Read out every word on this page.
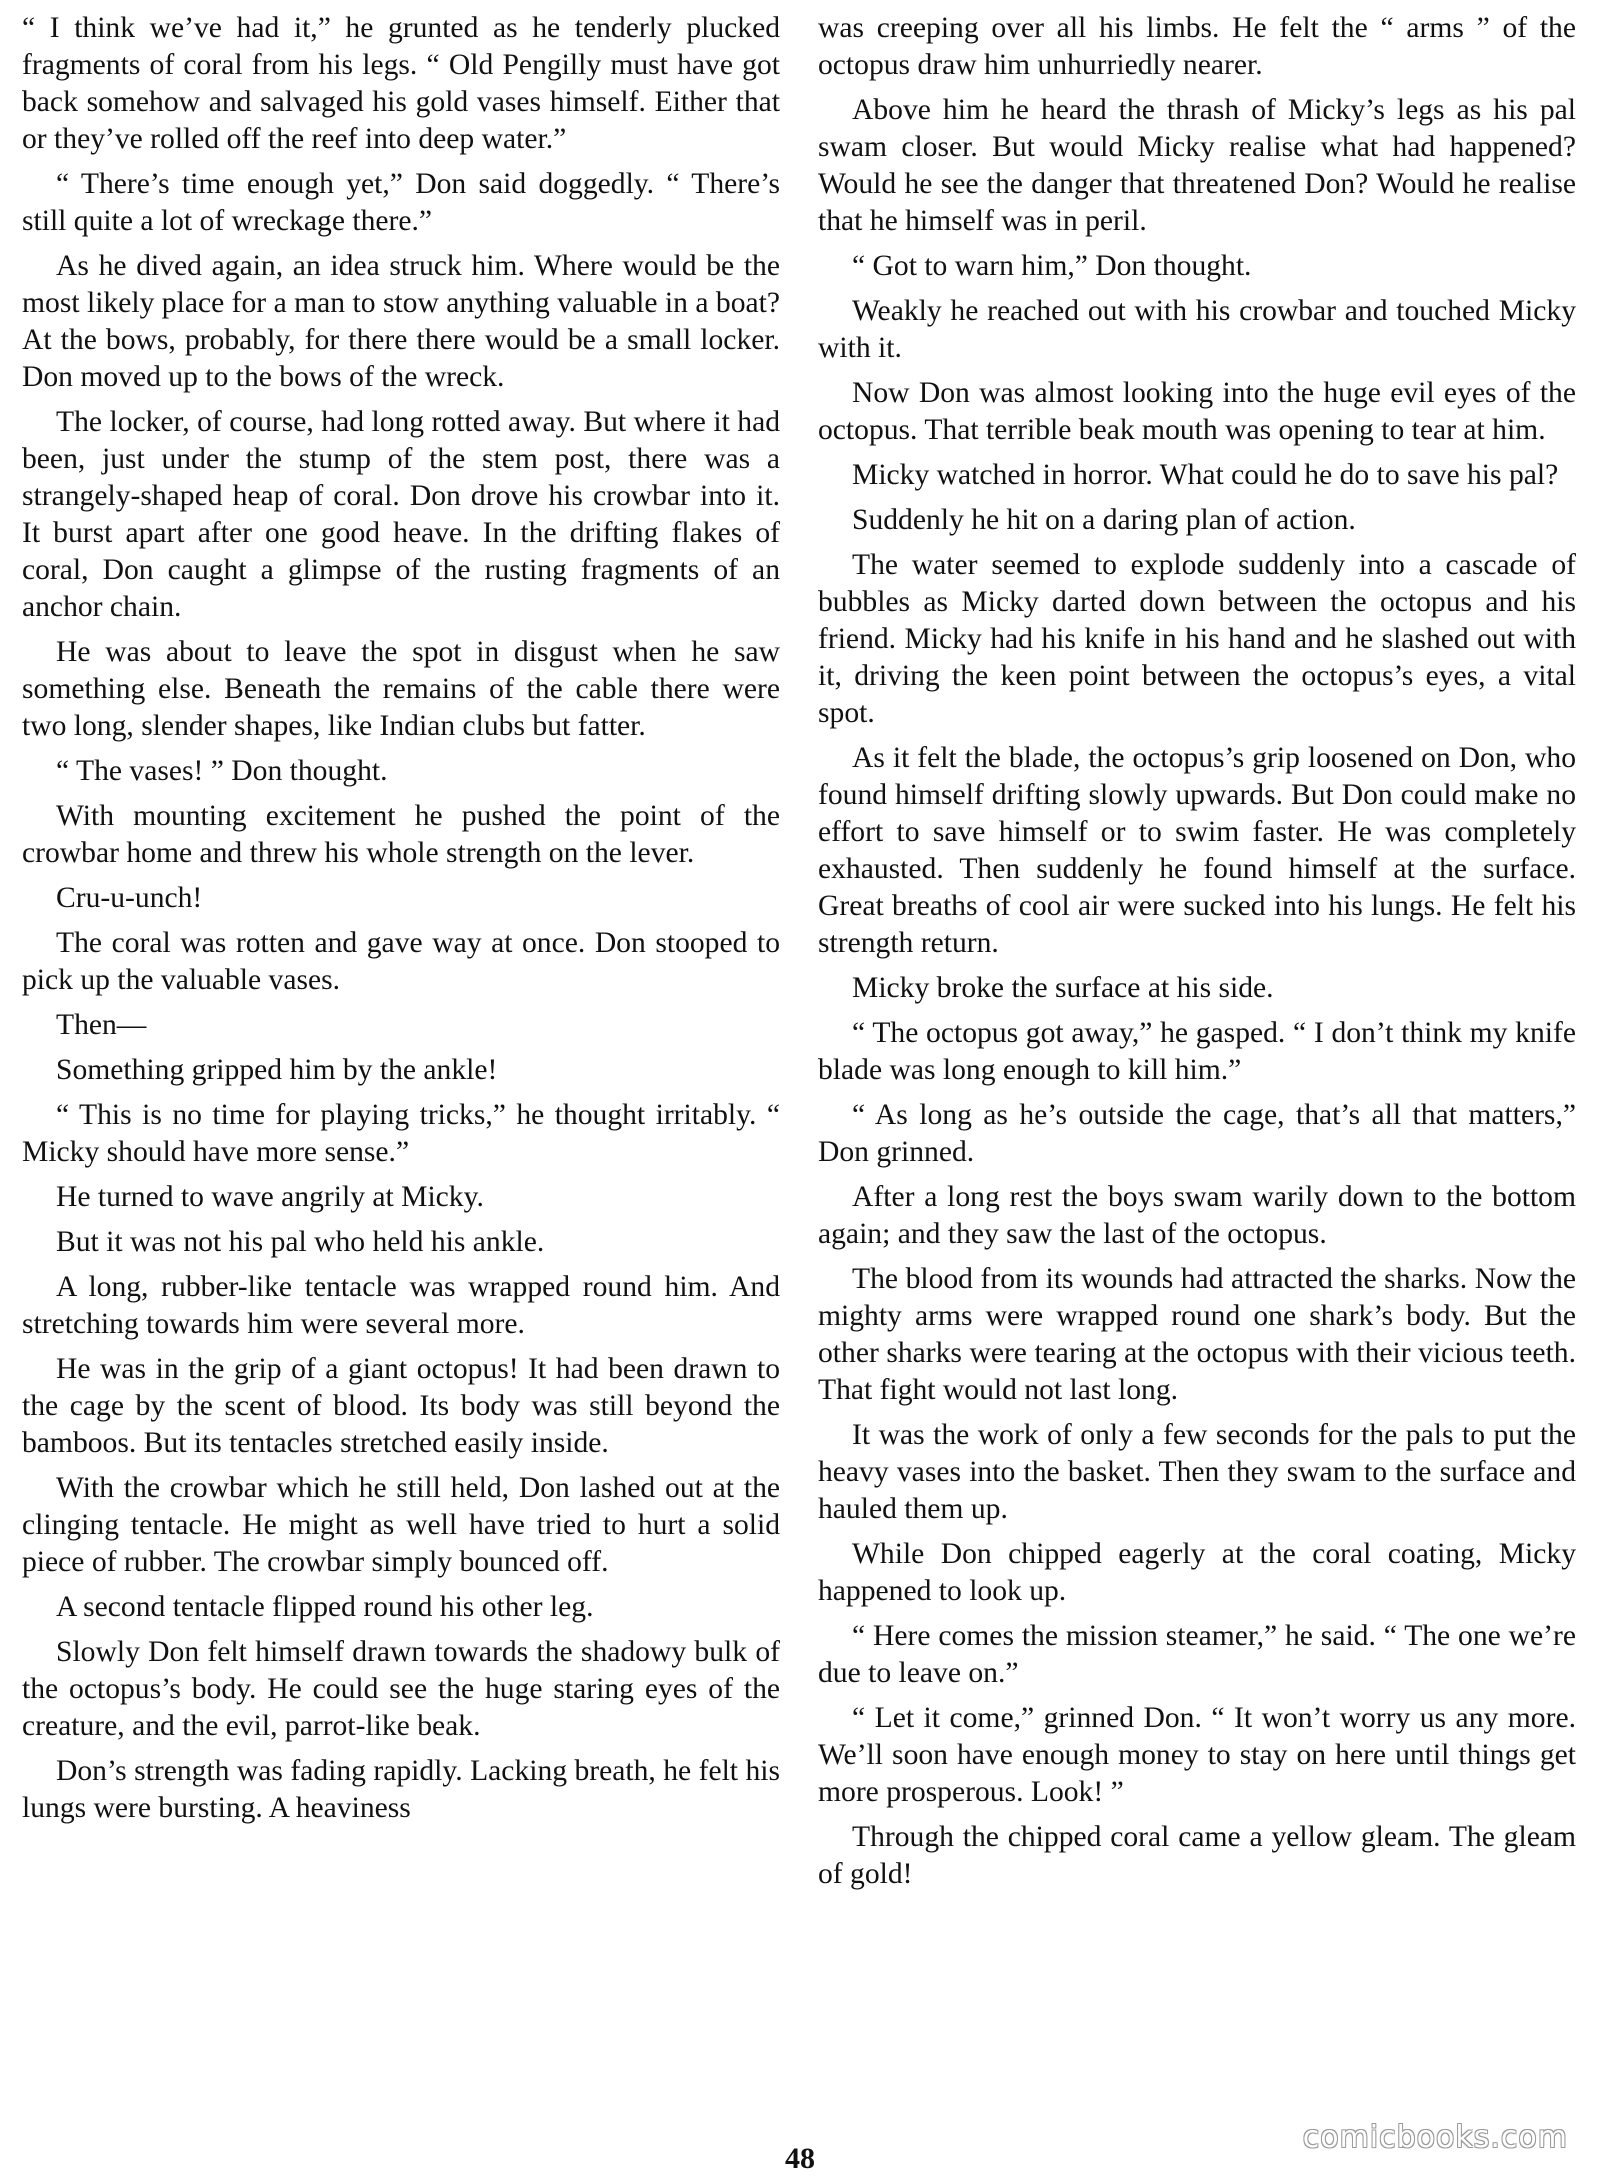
“ I think we’ve had it,” he grunted as he tenderly plucked fragments of coral from his legs. “ Old Pengilly must have got back somehow and salvaged his gold vases himself. Either that or they’ve rolled off the reef into deep water.”

“ There’s time enough yet,” Don said doggedly. “ There’s still quite a lot of wreckage there.”

As he dived again, an idea struck him. Where would be the most likely place for a man to stow anything valuable in a boat? At the bows, probably, for there there would be a small locker. Don moved up to the bows of the wreck.

The locker, of course, had long rotted away. But where it had been, just under the stump of the stem post, there was a strangely-shaped heap of coral. Don drove his crowbar into it. It burst apart after one good heave. In the drifting flakes of coral, Don caught a glimpse of the rusting fragments of an anchor chain.

He was about to leave the spot in disgust when he saw something else. Beneath the remains of the cable there were two long, slender shapes, like Indian clubs but fatter.

“ The vases! ” Don thought.

With mounting excitement he pushed the point of the crowbar home and threw his whole strength on the lever.

Cru-u-unch!

The coral was rotten and gave way at once. Don stooped to pick up the valuable vases.

Then—

Something gripped him by the ankle!

“ This is no time for playing tricks,” he thought irritably. “ Micky should have more sense.”

He turned to wave angrily at Micky.

But it was not his pal who held his ankle.

A long, rubber-like tentacle was wrapped round him. And stretching towards him were several more.

He was in the grip of a giant octopus! It had been drawn to the cage by the scent of blood. Its body was still beyond the bamboos. But its tentacles stretched easily inside.

With the crowbar which he still held, Don lashed out at the clinging tentacle. He might as well have tried to hurt a solid piece of rubber. The crowbar simply bounced off.

A second tentacle flipped round his other leg.

Slowly Don felt himself drawn towards the shadowy bulk of the octopus’s body. He could see the huge staring eyes of the creature, and the evil, parrot-like beak.

Don’s strength was fading rapidly. Lacking breath, he felt his lungs were bursting. A heaviness

was creeping over all his limbs. He felt the “ arms ” of the octopus draw him unhurriedly nearer.

Above him he heard the thrash of Micky’s legs as his pal swam closer. But would Micky realise what had happened? Would he see the danger that threatened Don? Would he realise that he himself was in peril.

“ Got to warn him,” Don thought.

Weakly he reached out with his crowbar and touched Micky with it.

Now Don was almost looking into the huge evil eyes of the octopus. That terrible beak mouth was opening to tear at him.

Micky watched in horror. What could he do to save his pal?

Suddenly he hit on a daring plan of action.

The water seemed to explode suddenly into a cascade of bubbles as Micky darted down between the octopus and his friend. Micky had his knife in his hand and he slashed out with it, driving the keen point between the octopus’s eyes, a vital spot.

As it felt the blade, the octopus’s grip loosened on Don, who found himself drifting slowly upwards. But Don could make no effort to save himself or to swim faster. He was completely exhausted. Then suddenly he found himself at the surface. Great breaths of cool air were sucked into his lungs. He felt his strength return.

Micky broke the surface at his side.

“ The octopus got away,” he gasped. “ I don’t think my knife blade was long enough to kill him.”

“ As long as he’s outside the cage, that’s all that matters,” Don grinned.

After a long rest the boys swam warily down to the bottom again; and they saw the last of the octopus.

The blood from its wounds had attracted the sharks. Now the mighty arms were wrapped round one shark’s body. But the other sharks were tearing at the octopus with their vicious teeth. That fight would not last long.

It was the work of only a few seconds for the pals to put the heavy vases into the basket. Then they swam to the surface and hauled them up.

While Don chipped eagerly at the coral coating, Micky happened to look up.

“ Here comes the mission steamer,” he said. “ The one we’re due to leave on.”

“ Let it come,” grinned Don. “ It won’t worry us any more. We’ll soon have enough money to stay on here until things get more prosperous. Look! ”

Through the chipped coral came a yellow gleam. The gleam of gold!

48
comicbooks.com
